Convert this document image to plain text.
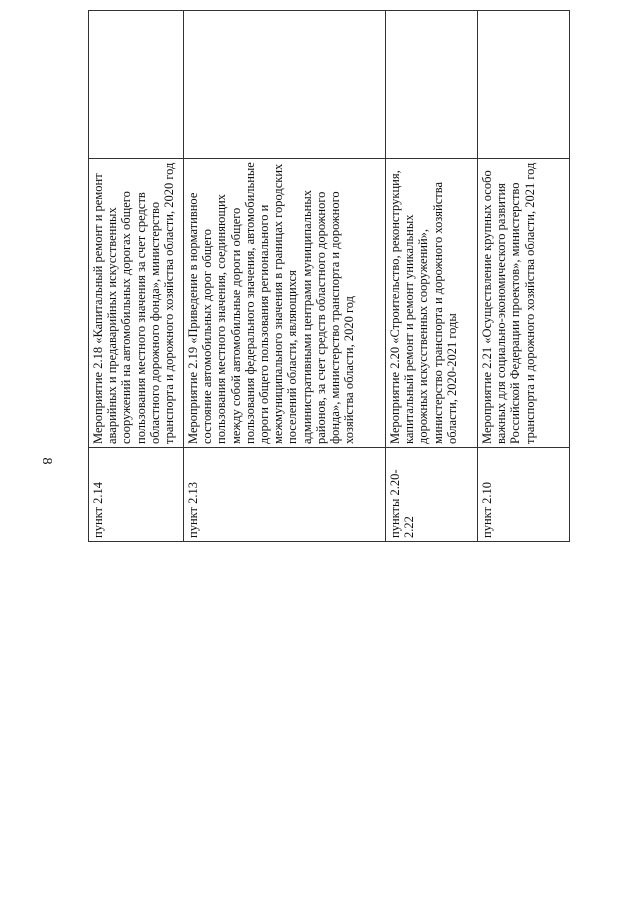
8
пункт 2.14	Мероприятие 2.18 «Капитальный ремонт и ремонт аварийных и предаварийных искусственных сооружений на автомобильных дорогах общего пользования местного значения за счет средств областного дорожного фонда», министерство транспорта и дорожного хозяйства области, 2020 год	
пункт 2.13	Мероприятие 2.19 «Приведение в нормативное состояние автомобильных дорог общего пользования местного значения, соединяющих между собой автомобильные дороги общего пользования федерального значения, автомобильные дороги общего пользования регионального и межмуниципального значения в границах городских поселений области, являющихся административными центрами муниципальных районов, за счет средств областного дорожного фонда», министерство транспорта и дорожного хозяйства области, 2020 год	
пункты 2.20-2.22	Мероприятие 2.20 «Строительство, реконструкция, капитальный ремонт и ремонт уникальных дорожных искусственных сооружений», министерство транспорта и дорожного хозяйства области, 2020-2021 годы	
пункт 2.10	Мероприятие 2.21 «Осуществление крупных особо важных для социально-экономического развития Российской Федерации проектов», министерство транспорта и дорожного хозяйства области, 2021 год	
